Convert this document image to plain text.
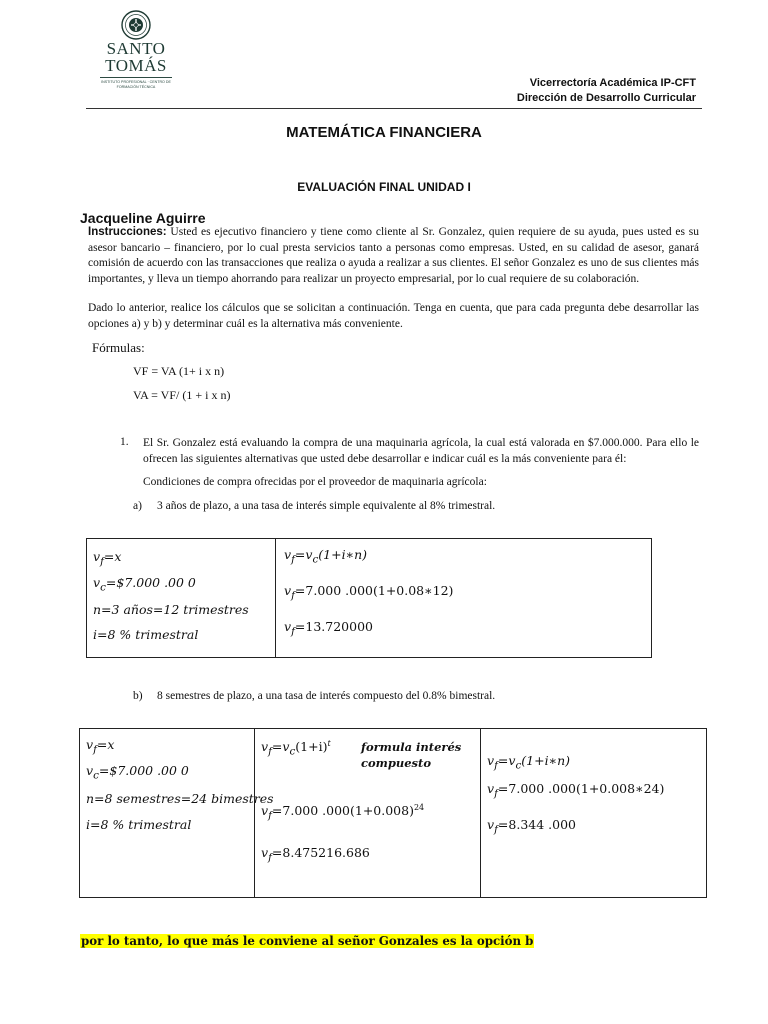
SANTO
TOMÁS
INSTITUTO PROFESIONAL · CENTRO DE FORMACIÓN TÉCNICA	Vicerrectoría Académica IP-CFT
Dirección de Desarrollo Curricular
MATEMÁTICA FINANCIERA
EVALUACIÓN FINAL UNIDAD I
Jacqueline Aguirre
Instrucciones: Usted es ejecutivo financiero y tiene como cliente al Sr. Gonzalez, quien requiere de su ayuda, pues usted es su asesor bancario – financiero, por lo cual presta servicios tanto a personas como empresas. Usted, en su calidad de asesor, ganará comisión de acuerdo con las transacciones que realiza o ayuda a realizar a sus clientes. El señor Gonzalez es uno de sus clientes más importantes, y lleva un tiempo ahorrando para realizar un proyecto empresarial, por lo cual requiere de su colaboración.
Dado lo anterior, realice los cálculos que se solicitan a continuación. Tenga en cuenta, que para cada pregunta debe desarrollar las opciones a) y b) y determinar cuál es la alternativa más conveniente.
Fórmulas:
VF = VA (1+ i x n)
VA = VF/ (1 + i x n)
1. El Sr. Gonzalez está evaluando la compra de una maquinaria agrícola, la cual está valorada en $7.000.000. Para ello le ofrecen las siguientes alternativas que usted debe desarrollar e indicar cuál es la más conveniente para él:
Condiciones de compra ofrecidas por el proveedor de maquinaria agrícola:
a) 3 años de plazo, a una tasa de interés simple equivalente al 8% trimestral.
$v_f=x$
$v_c=\$7.000$ .00 0
n=3 años=12 trimestres
i=8 % trimestral
$v_f=v_c(1+i∗n)$
$v_f=7.000$ .000(1+0.08∗12)
$v_f=13.720000$
b) 8 semestres de plazo, a una tasa de interés compuesto del 0.8% bimestral.
$v_f=x$
$v_c=\$7.000$ .00 0
n=8 semestres=24 bimestres
i=8 % trimestral
$v_f=v_c(1+i)^t$	formula interés compuesto
$v_f=7.000$ $.000(1+0.008)^{24}$
$v_f=8.475216.686$
$v_f=v_c(1+i∗n)$
$v_f=7.000$ .000(1+0.008∗24)
$v_f=8.344$ .000
por lo tanto, lo que más le conviene al señor Gonzales es la opción b
